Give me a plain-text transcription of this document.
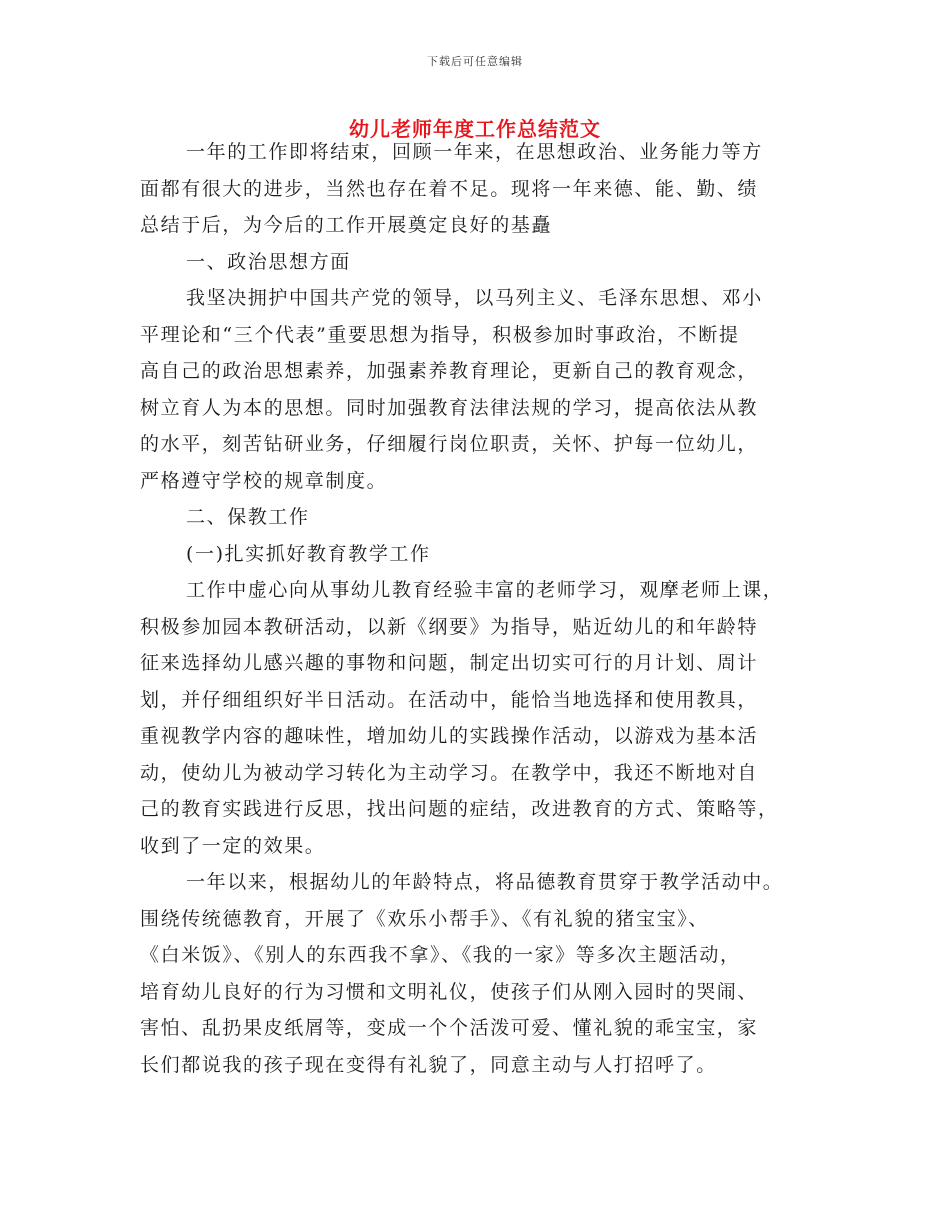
下载后可任意编辑
幼儿老师年度工作总结范文
一年的工作即将结束，回顾一年来，在思想政治、业务能力等方
面都有很大的进步，当然也存在着不足。现将一年来德、能、勤、绩
总结于后，为今后的工作开展奠定良好的基矗
一、政治思想方面
我坚决拥护中国共产党的领导，以马列主义、毛泽东思想、邓小
平理论和“三个代表”重要思想为指导，积极参加时事政治，不断提
高自己的政治思想素养，加强素养教育理论，更新自己的教育观念，
树立育人为本的思想。同时加强教育法律法规的学习，提高依法从教
的水平，刻苦钻研业务，仔细履行岗位职责，关怀、护每一位幼儿，
严格遵守学校的规章制度。
二、保教工作
(一)扎实抓好教育教学工作
工作中虚心向从事幼儿教育经验丰富的老师学习，观摩老师上课，
积极参加园本教研活动，以新《纲要》为指导，贴近幼儿的和年龄特
征来选择幼儿感兴趣的事物和问题，制定出切实可行的月计划、周计
划，并仔细组织好半日活动。在活动中，能恰当地选择和使用教具，
重视教学内容的趣味性，增加幼儿的实践操作活动，以游戏为基本活
动，使幼儿为被动学习转化为主动学习。在教学中，我还不断地对自
己的教育实践进行反思，找出问题的症结，改进教育的方式、策略等，
收到了一定的效果。
一年以来，根据幼儿的年龄特点，将品德教育贯穿于教学活动中。
围绕传统德教育，开展了《欢乐小帮手》、《有礼貌的猪宝宝》、
《白米饭》、《别人的东西我不拿》、《我的一家》等多次主题活动，
培育幼儿良好的行为习惯和文明礼仪，使孩子们从刚入园时的哭闹、
害怕、乱扔果皮纸屑等，变成一个个活泼可爱、懂礼貌的乖宝宝，家
长们都说我的孩子现在变得有礼貌了，同意主动与人打招呼了。
